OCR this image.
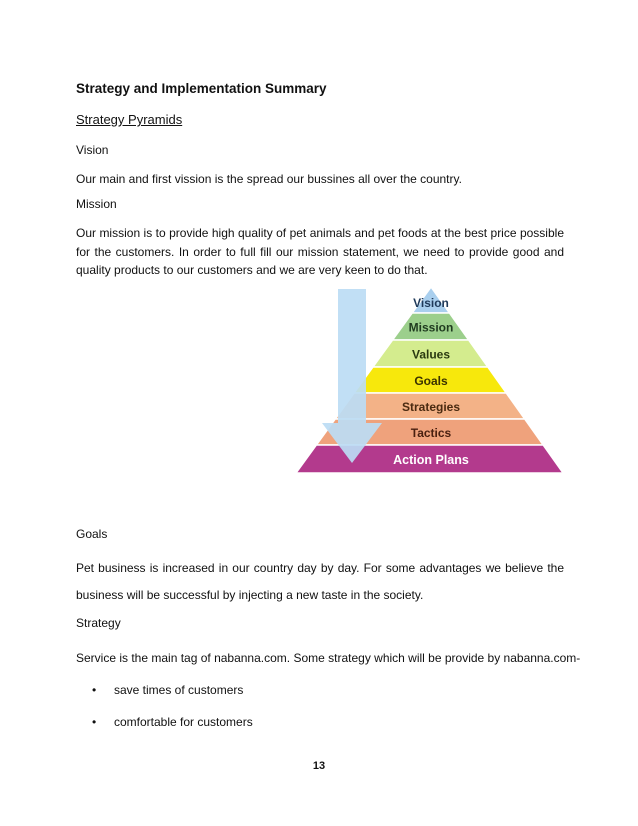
Strategy and Implementation Summary
Strategy Pyramids
Vision
Our main and first vission is the spread our bussines all over the country.
Mission
Our mission is to provide high quality of pet animals and pet foods at the best price possible for the customers. In order to full fill our mission statement, we need to provide good and quality products to our customers and we are very keen to do that.
Vision
Mission
Values
Goals
Strategies
Tactics
Action Plans
Goals
Pet business is increased in our country day by day. For some advantages we believe the business will be successful by injecting a new taste in the society.
Strategy
Service is the main tag of nabanna.com. Some strategy which will be provide by nabanna.com-
• save times of customers
• comfortable for customers
13
